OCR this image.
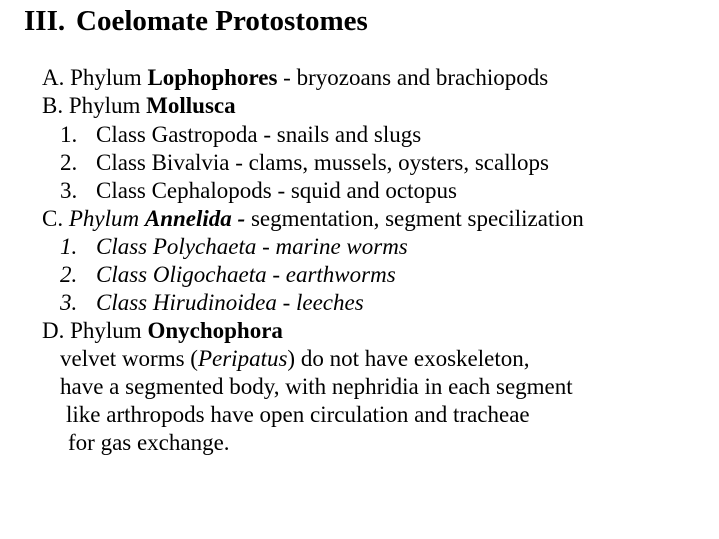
III. Coelomate Protostomes
A. Phylum Lophophores - bryozoans and brachiopods
B. Phylum Mollusca
1. Class Gastropoda - snails and slugs
2. Class Bivalvia - clams, mussels, oysters, scallops
3. Class Cephalopods - squid and octopus
C. Phylum Annelida - segmentation, segment specilization
1. Class Polychaeta - marine worms
2. Class Oligochaeta - earthworms
3. Class Hirudinoidea - leeches
D. Phylum Onychophora
velvet worms (Peripatus) do not have exoskeleton,
have a segmented body, with nephridia in each segment
like arthropods have open circulation and tracheae
for gas exchange.
